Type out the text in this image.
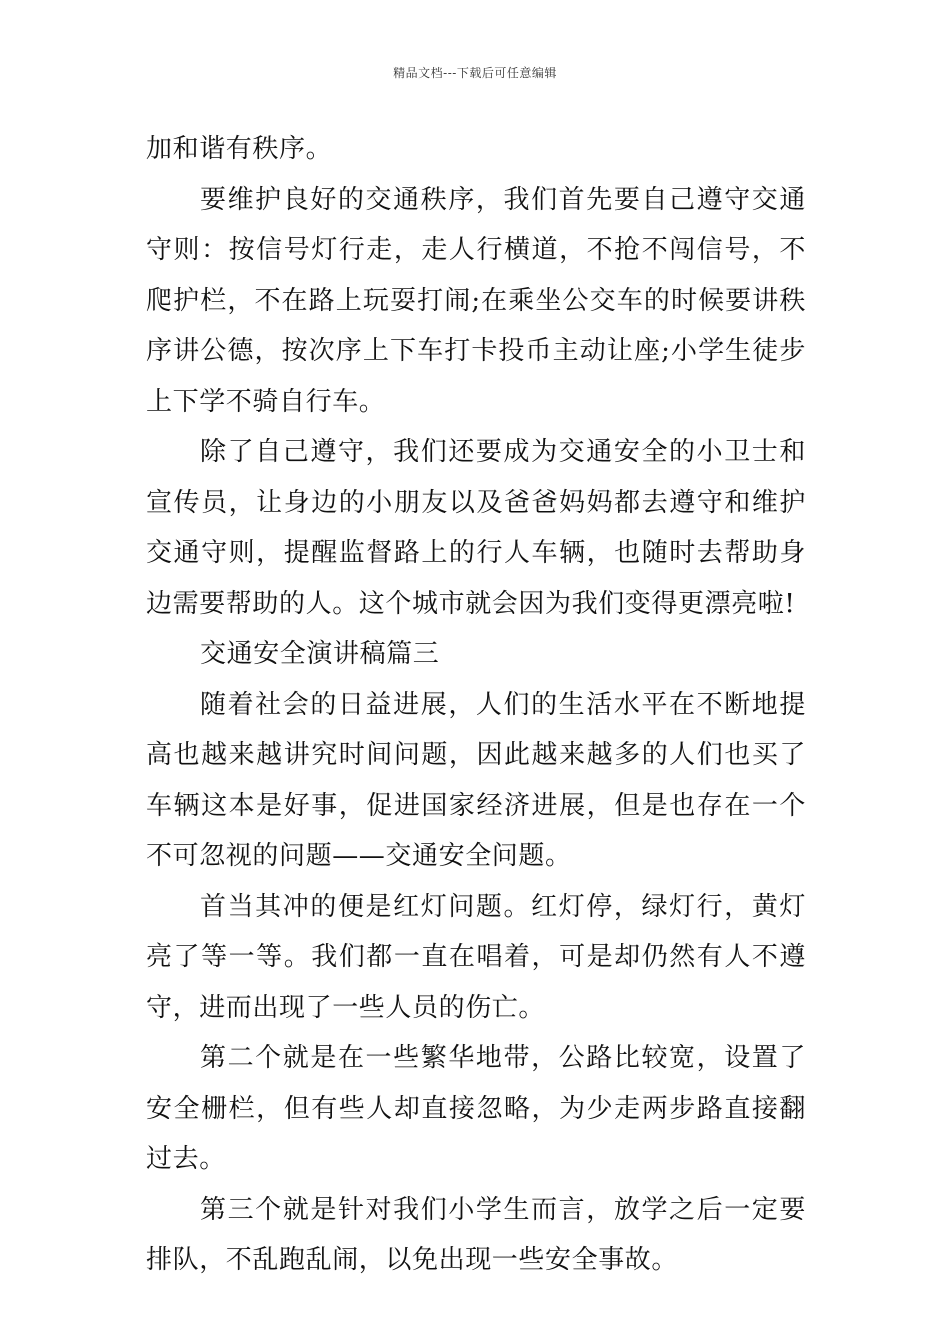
精品文档---下载后可任意编辑

加和谐有秩序。

要维护良好的交通秩序，我们首先要自己遵守交通守则：按信号灯行走，走人行横道，不抢不闯信号，不爬护栏，不在路上玩耍打闹;在乘坐公交车的时候要讲秩序讲公德，按次序上下车打卡投币主动让座;小学生徒步上下学不骑自行车。

除了自己遵守，我们还要成为交通安全的小卫士和宣传员，让身边的小朋友以及爸爸妈妈都去遵守和维护交通守则，提醒监督路上的行人车辆，也随时去帮助身边需要帮助的人。这个城市就会因为我们变得更漂亮啦!

交通安全演讲稿篇三

随着社会的日益进展，人们的生活水平在不断地提高也越来越讲究时间问题，因此越来越多的人们也买了车辆这本是好事，促进国家经济进展，但是也存在一个不可忽视的问题——交通安全问题。

首当其冲的便是红灯问题。红灯停，绿灯行，黄灯亮了等一等。我们都一直在唱着，可是却仍然有人不遵守，进而出现了一些人员的伤亡。

第二个就是在一些繁华地带，公路比较宽，设置了安全栅栏，但有些人却直接忽略，为少走两步路直接翻过去。

第三个就是针对我们小学生而言，放学之后一定要排队，不乱跑乱闹，以免出现一些安全事故。
